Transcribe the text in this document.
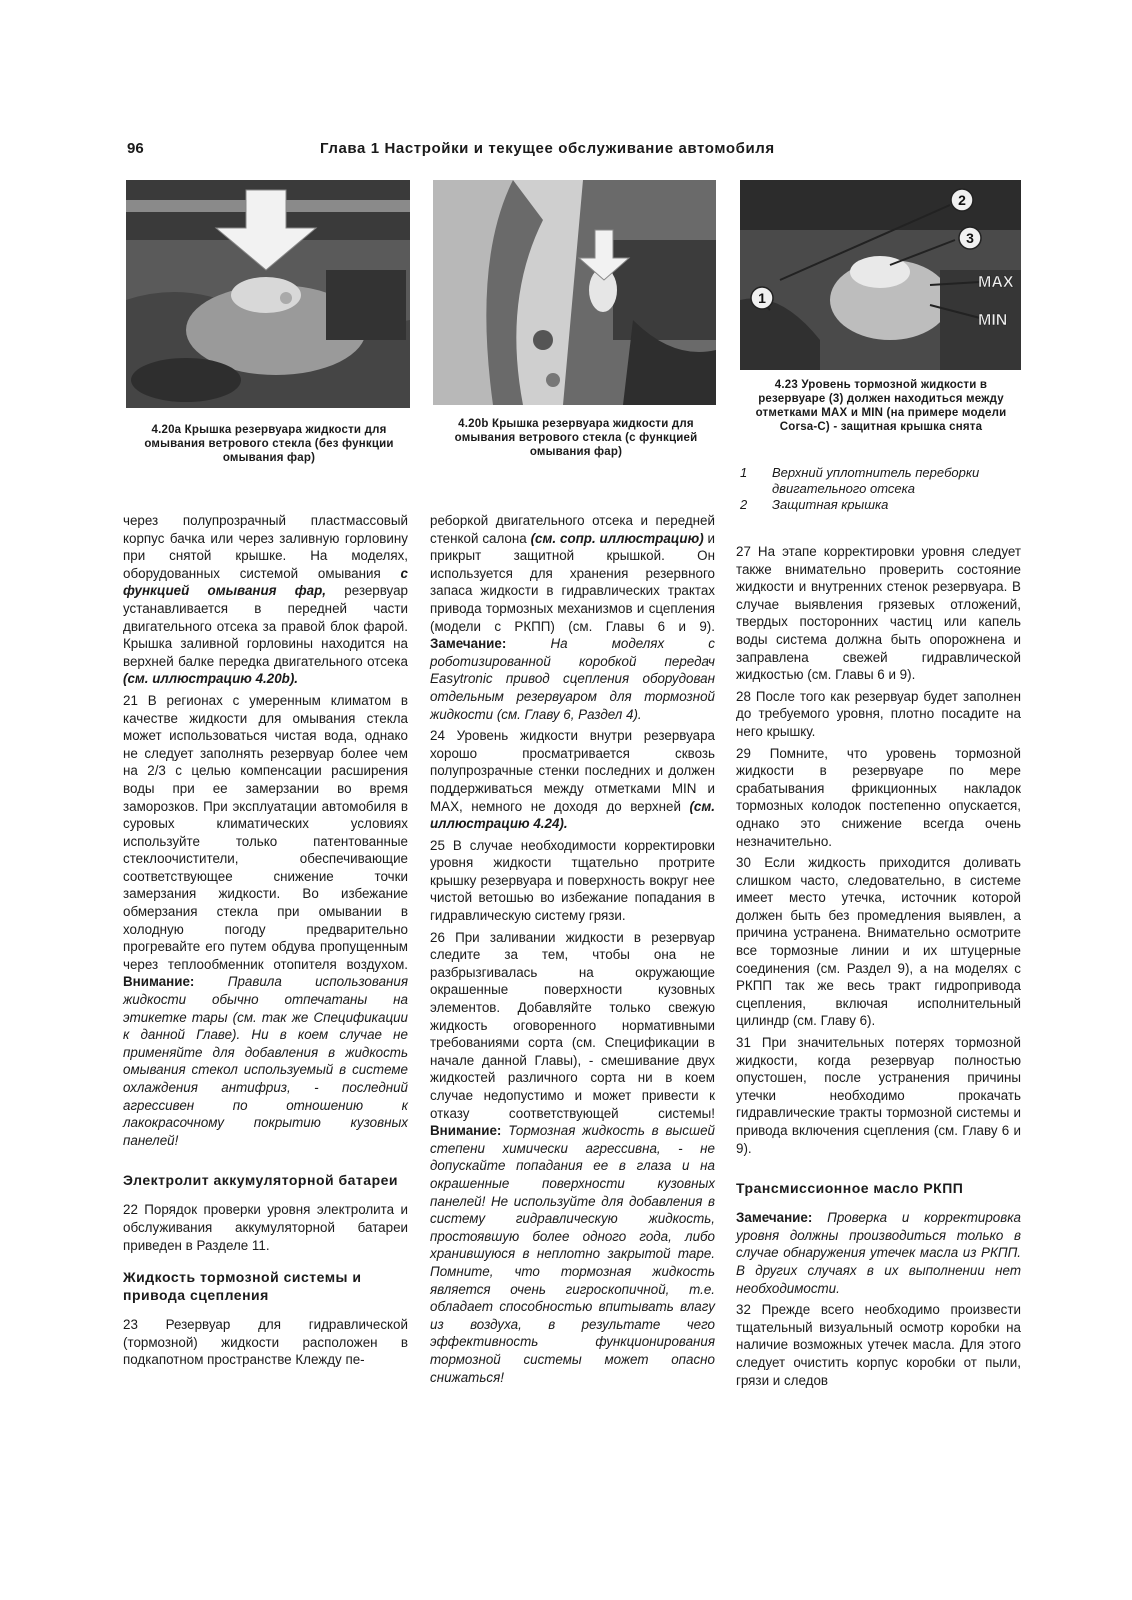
96	Глава 1 Настройки и текущее обслуживание автомобиля
4.20a Крышка резервуара жидкости для омывания ветрового стекла (без функции омывания фар)
4.20b Крышка резервуара жидкости для омывания ветрового стекла (с функцией омывания фар)
2
3
1
MAX
MIN
4.23 Уровень тормозной жидкости в резервуаре (3) должен находиться между отметками MAX и MIN (на примере модели Corsa-C) - защитная крышка снята
1	Верхний уплотнитель переборки двигательного отсека
2	Защитная крышка

через полупрозрачный пластмассовый корпус бачка или через заливную горловину при снятой крышке. На моделях, оборудованных системой омывания с функцией омывания фар, резервуар устанавливается в передней части двигательного отсека за правой блок фарой. Крышка заливной горловины находится на верхней балке передка двигательного отсека (см. иллюстрацию 4.20b).

21 В регионах с умеренным климатом в качестве жидкости для омывания стекла может использоваться чистая вода, однако не следует заполнять резервуар более чем на 2/3 с целью компенсации расширения воды при ее замерзании во время заморозков. При эксплуатации автомобиля в суровых климатических условиях используйте только патентованные стеклоочистители, обеспечивающие соответствующее снижение точки замерзания жидкости. Во избежание обмерзания стекла при омывании в холодную погоду предварительно прогревайте его путем обдува пропущенным через теплообменник отопителя воздухом. Внимание: Правила использования жидкости обычно отпечатаны на этикетке тары (см. так же Спецификации к данной Главе). Ни в коем случае не применяйте для добавления в жидкость омывания стекол используемый в системе охлаждения антифриз, - последний агрессивен по отношению к лакокрасочному покрытию кузовных панелей!

Электролит аккумуляторной батареи

22 Порядок проверки уровня электролита и обслуживания аккумуляторной батареи приведен в Разделе 11.

Жидкость тормозной системы и привода сцепления

23 Резервуар для гидравлической (тормозной) жидкости расположен в подкапотном пространстве Клежду пе-

реборкой двигательного отсека и передней стенкой салона (см. сопр. иллюстрацию) и прикрыт защитной крышкой. Он используется для хранения резервного запаса жидкости в гидравлических трактах привода тормозных механизмов и сцепления (модели с РКПП) (см. Главы 6 и 9). Замечание: На моделях с роботизированной коробкой передач Easytronic привод сцепления оборудован отдельным резервуаром для тормозной жидкости (см. Главу 6, Раздел 4).

24 Уровень жидкости внутри резервуара хорошо просматривается сквозь полупрозрачные стенки последних и должен поддерживаться между отметками MIN и MAX, немного не доходя до верхней (см. иллюстрацию 4.24).

25 В случае необходимости корректировки уровня жидкости тщательно протрите крышку резервуара и поверхность вокруг нее чистой ветошью во избежание попадания в гидравлическую систему грязи.

26 При заливании жидкости в резервуар следите за тем, чтобы она не разбрызгивалась на окружающие окрашенные поверхности кузовных элементов. Добавляйте только свежую жидкость оговоренного нормативными требованиями сорта (см. Спецификации в начале данной Главы), - смешивание двух жидкостей различного сорта ни в коем случае недопустимо и может привести к отказу соответствующей системы! Внимание: Тормозная жидкость в высшей степени химически агрессивна, - не допускайте попадания ее в глаза и на окрашенные поверхности кузовных панелей! Не используйте для добавления в систему гидравлическую жидкость, простоявшую более одного года, либо хранившуюся в неплотно закрытой таре. Помните, что тормозная жидкость является очень гигроскопичной, т.е. обладает способностью впитывать влагу из воздуха, в результате чего эффективность функционирования тормозной системы может опасно снижаться!

27 На этапе корректировки уровня следует также внимательно проверить состояние жидкости и внутренних стенок резервуара. В случае выявления грязевых отложений, твердых посторонних частиц или капель воды система должна быть опорожнена и заправлена свежей гидравлической жидкостью (см. Главы 6 и 9).

28 После того как резервуар будет заполнен до требуемого уровня, плотно посадите на него крышку.

29 Помните, что уровень тормозной жидкости в резервуаре по мере срабатывания фрикционных накладок тормозных колодок постепенно опускается, однако это снижение всегда очень незначительно.

30 Если жидкость приходится доливать слишком часто, следовательно, в системе имеет место утечка, источник которой должен быть без промедления выявлен, а причина устранена. Внимательно осмотрите все тормозные линии и их штуцерные соединения (см. Раздел 9), а на моделях с РКПП так же весь тракт гидропривода сцепления, включая исполнительный цилиндр (см. Главу 6).

31 При значительных потерях тормозной жидкости, когда резервуар полностью опустошен, после устранения причины утечки необходимо прокачать гидравлические тракты тормозной системы и привода включения сцепления (см. Главу 6 и 9).

Трансмиссионное масло РКПП

Замечание: Проверка и корректировка уровня должны производиться только в случае обнаружения утечек масла из РКПП. В других случаях в их выполнении нет необходимости.

32 Прежде всего необходимо произвести тщательный визуальный осмотр коробки на наличие возможных утечек масла. Для этого следует очистить корпус коробки от пыли, грязи и следов
